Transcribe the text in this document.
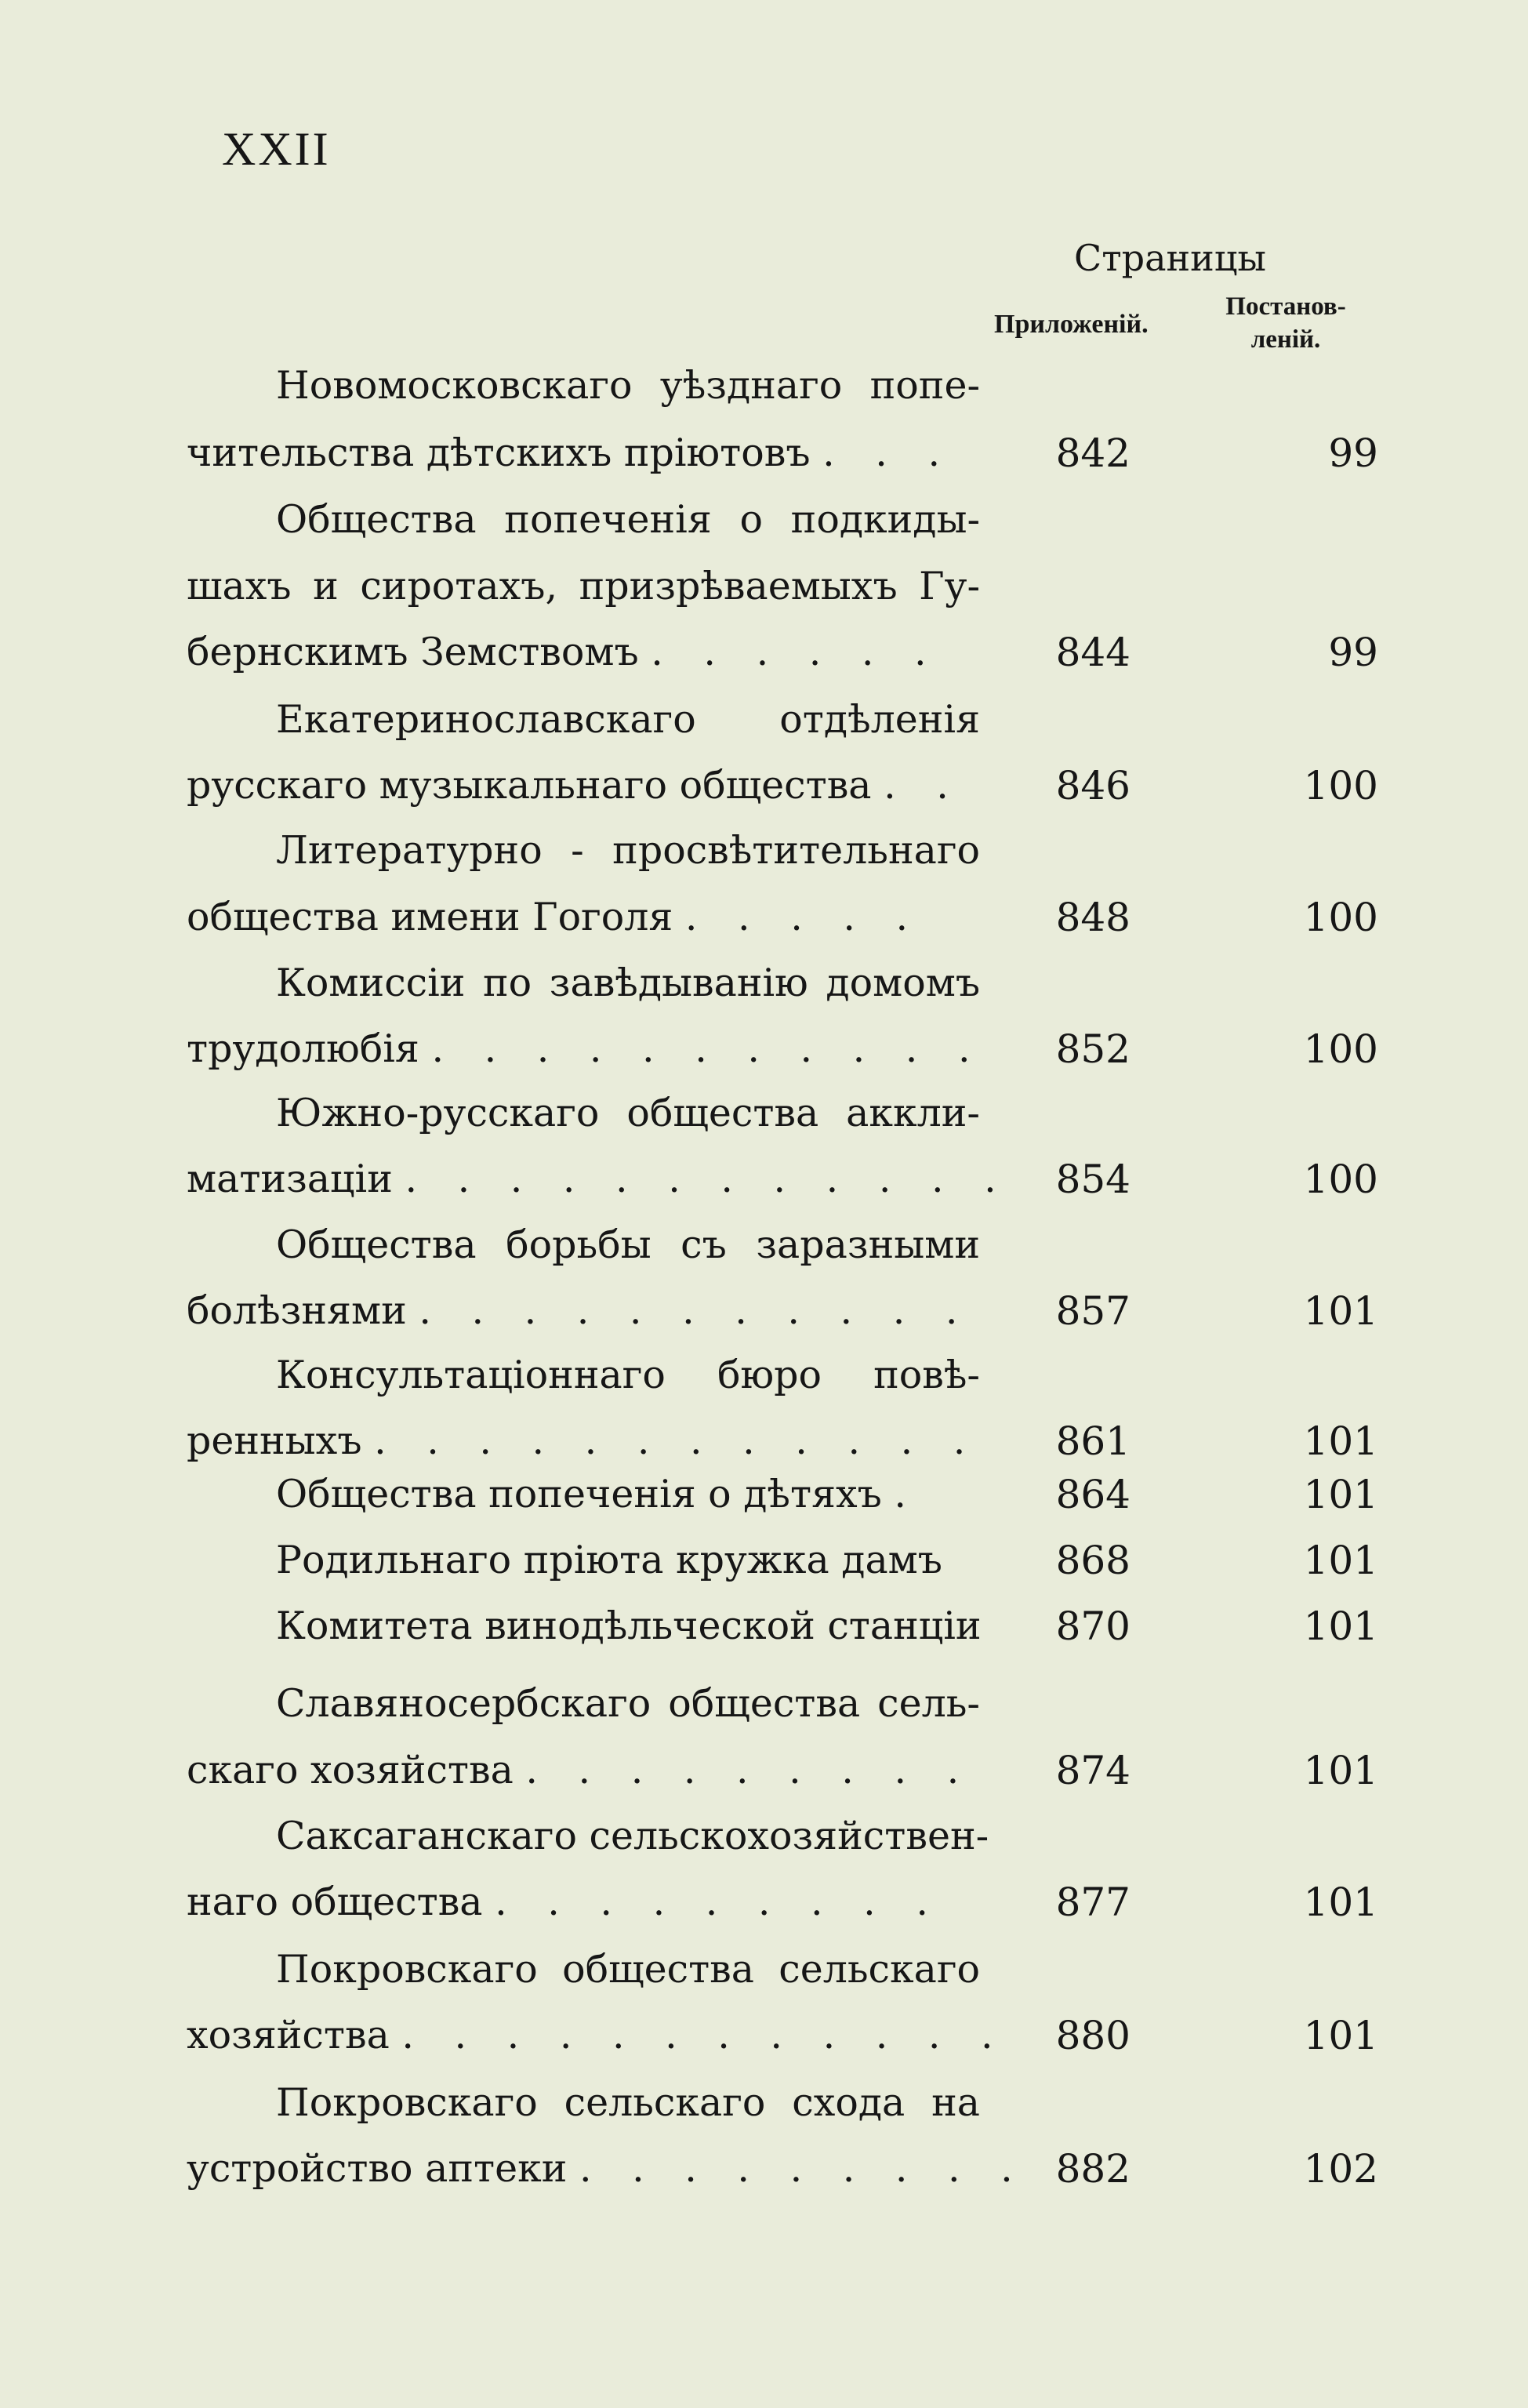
XXII
Страницы
Приложенiй.
Постанов-
ленiй.
Новомосковскаго уѣзднаго попе-
чительства дѣтскихъ прiютовъ . . .	842	99
Общества попеченiя о подкиды-
шахъ и сиротахъ, призрѣваемыхъ Гу-
бернскимъ Земствомъ . . . . . .	844	99
Екатеринославскаго отдѣленiя
русскаго музыкальнаго общества . .	846	100
Литературно - просвѣтительнаго
общества имени Гоголя . . . . .	848	100
Комиссiи по завѣдыванiю домомъ
трудолюбiя . . . . . . . . . . .	852	100
Южно-русскаго общества аккли-
матизацiи . . . . . . . . . . . .	854	100
Общества борьбы съ заразными
болѣзнями . . . . . . . . . . .	857	101
Консультацiоннаго бюро повѣ-
ренныхъ . . . . . . . . . . . .	861	101
Общества попеченiя о дѣтяхъ .	864	101
Родильнаго прiюта кружка дамъ	868	101
Комитета винодѣльческой станцiи	870	101
Славяносербскаго общества сель-
скаго хозяйства . . . . . . . . .	874	101
Саксаганскаго сельскохозяйствен-
наго общества . . . . . . . . .	877	101
Покровскаго общества сельскаго
хозяйства . . . . . . . . . . . .	880	101
Покровскаго сельскаго схода на
устройство аптеки . . . . . . . . . 882	102
